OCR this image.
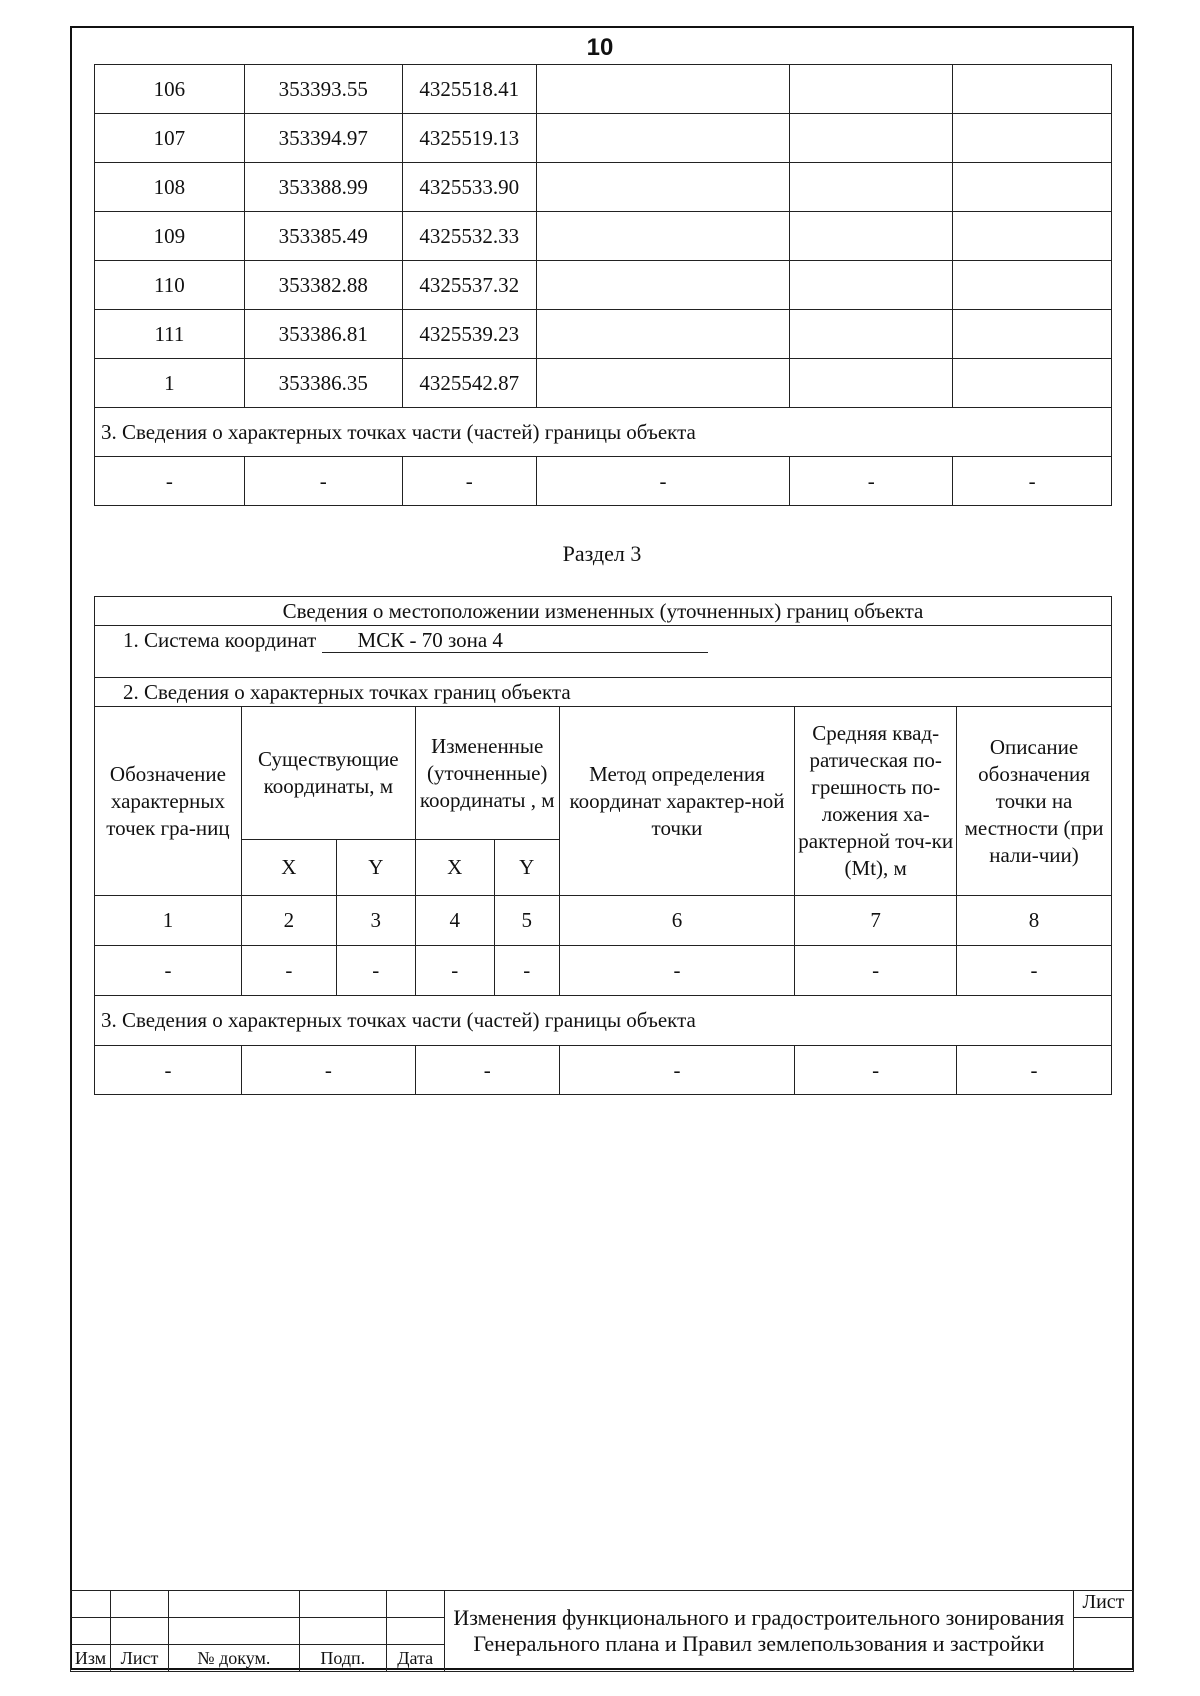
10
106	353393.55	4325518.41			
107	353394.97	4325519.13			
108	353388.99	4325533.90			
109	353385.49	4325532.33			
110	353382.88	4325537.32			
111	353386.81	4325539.23			
1	353386.35	4325542.87			
3. Сведения о характерных точках части (частей) границы объекта					
-	-	-	-	-	-
Раздел 3
Сведения о местоположении измененных (уточненных) границ объекта							
1. Система координат МСК - 70 зона 4							
2. Сведения о характерных точках границ объекта							
Обозначение характерных точек гра-ниц	Существующие координаты, м		Измененные (уточненные) координаты , м		Метод определения координат характер-ной точки	Средняя квад-ратическая по-грешность по-ложения ха-рактерной точ-ки (Mt), м	Описание обозначения точки на местности (при нали-чии)
	X	Y	X	Y			
1	2	3	4	5	6	7	8
-	-	-	-	-	-	-	-
3. Сведения о характерных точках части (частей) границы объекта							
-	-		-		-	-	-
					Изменения функционального и градостроительного зонирования Генерального плана и Правил землепользования и застройки	Лист

Изм	Лист	№ докум.	Подп.	Дата		
